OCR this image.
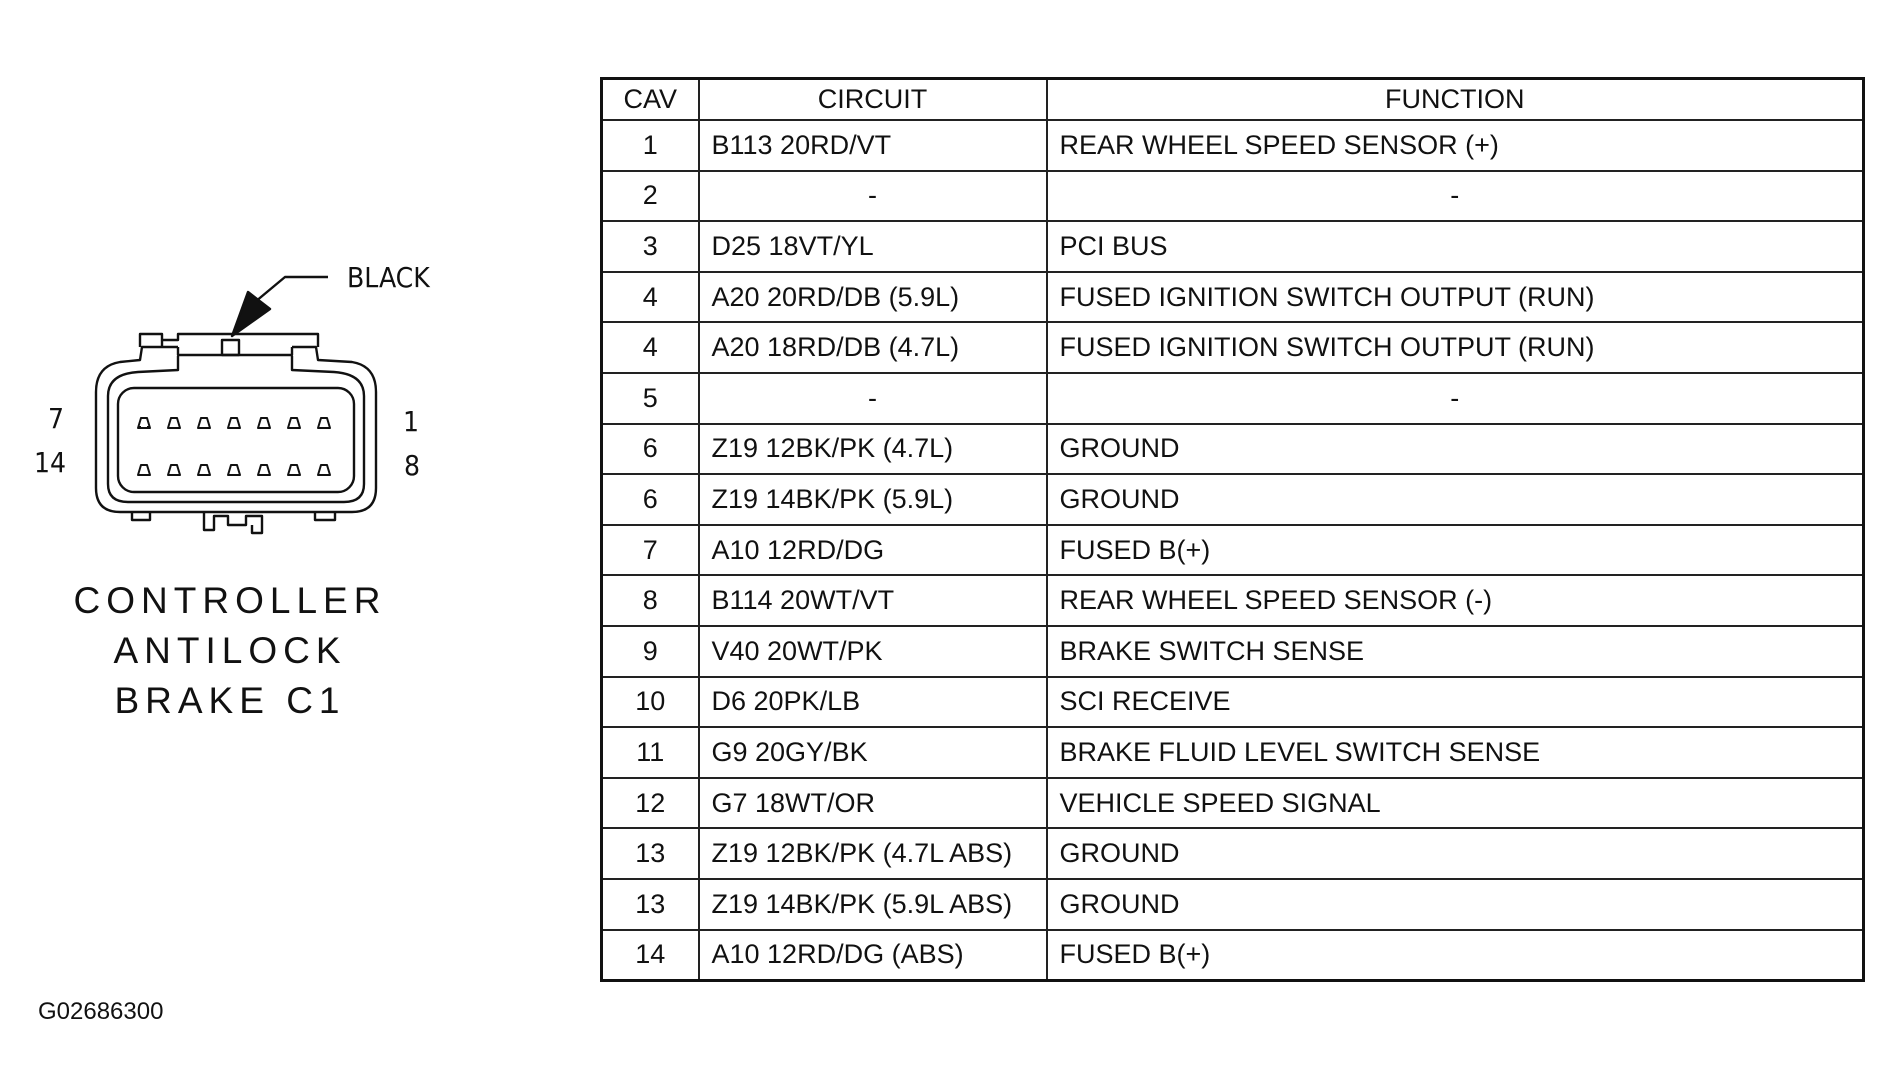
BLACK
7	1
14	8
CONTROLLER
ANTILOCK
BRAKE C1
G02686300
CAV	CIRCUIT	FUNCTION
1	B113 20RD/VT	REAR WHEEL SPEED SENSOR (+)
2	-	-
3	D25 18VT/YL	PCI BUS
4	A20 20RD/DB (5.9L)	FUSED IGNITION SWITCH OUTPUT (RUN)
4	A20 18RD/DB (4.7L)	FUSED IGNITION SWITCH OUTPUT (RUN)
5	-	-
6	Z19 12BK/PK (4.7L)	GROUND
6	Z19 14BK/PK (5.9L)	GROUND
7	A10 12RD/DG	FUSED B(+)
8	B114 20WT/VT	REAR WHEEL SPEED SENSOR (-)
9	V40 20WT/PK	BRAKE SWITCH SENSE
10	D6 20PK/LB	SCI RECEIVE
11	G9 20GY/BK	BRAKE FLUID LEVEL SWITCH SENSE
12	G7 18WT/OR	VEHICLE SPEED SIGNAL
13	Z19 12BK/PK (4.7L ABS)	GROUND
13	Z19 14BK/PK (5.9L ABS)	GROUND
14	A10 12RD/DG (ABS)	FUSED B(+)
